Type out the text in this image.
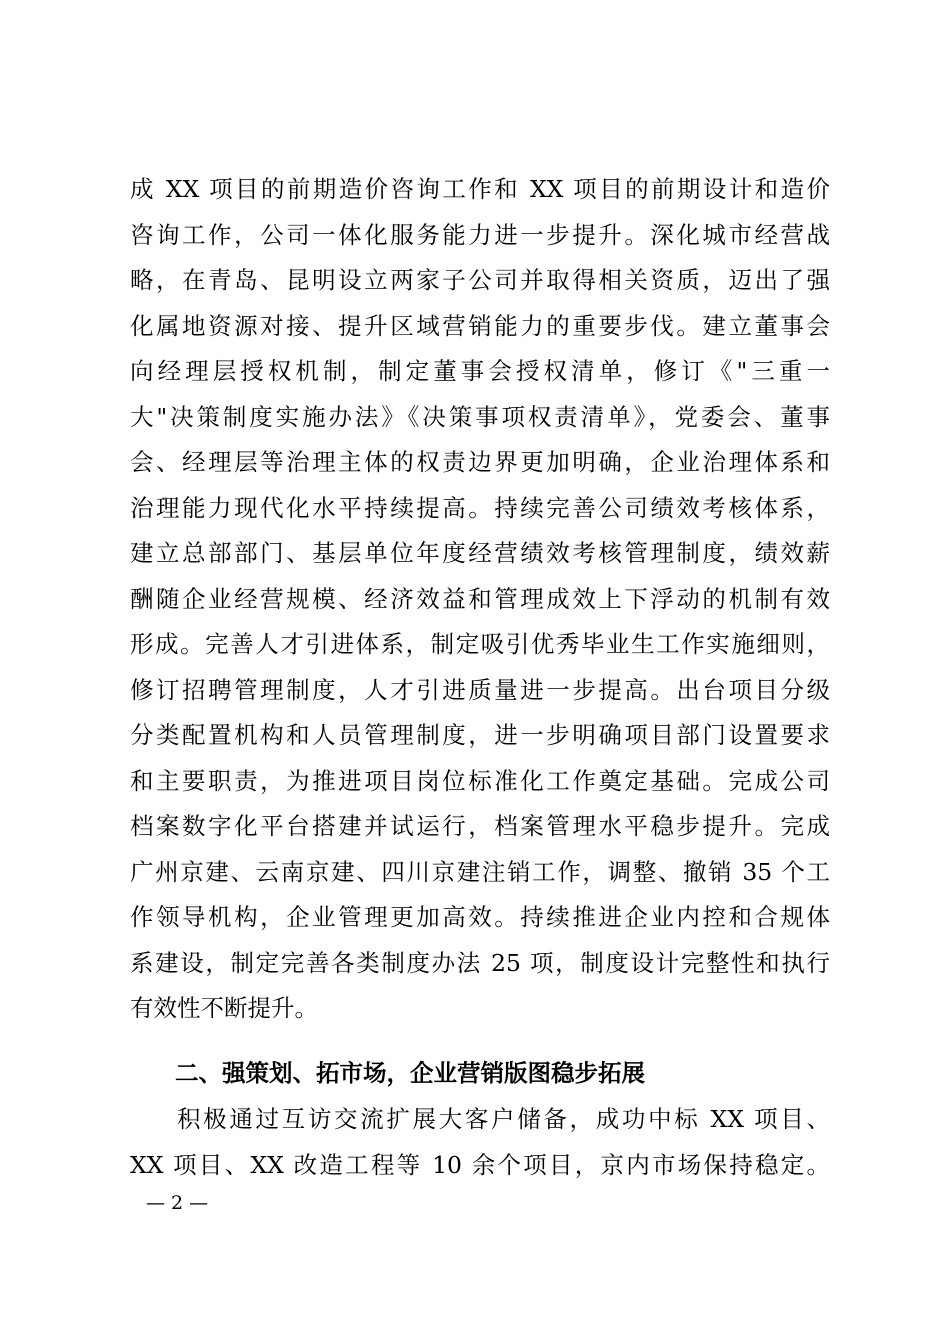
成 XX 项目的前期造价咨询工作和 XX 项目的前期设计和造价
咨询工作，公司一体化服务能力进一步提升。深化城市经营战
略，在青岛、昆明设立两家子公司并取得相关资质，迈出了强
化属地资源对接、提升区域营销能力的重要步伐。建立董事会
向经理层授权机制，制定董事会授权清单，修订《"三重一
大"决策制度实施办法》《决策事项权责清单》，党委会、董事
会、经理层等治理主体的权责边界更加明确，企业治理体系和
治理能力现代化水平持续提高。持续完善公司绩效考核体系，
建立总部部门、基层单位年度经营绩效考核管理制度，绩效薪
酬随企业经营规模、经济效益和管理成效上下浮动的机制有效
形成。完善人才引进体系，制定吸引优秀毕业生工作实施细则，
修订招聘管理制度，人才引进质量进一步提高。出台项目分级
分类配置机构和人员管理制度，进一步明确项目部门设置要求
和主要职责，为推进项目岗位标准化工作奠定基础。完成公司
档案数字化平台搭建并试运行，档案管理水平稳步提升。完成
广州京建、云南京建、四川京建注销工作，调整、撤销 35 个工
作领导机构，企业管理更加高效。持续推进企业内控和合规体
系建设，制定完善各类制度办法 25 项，制度设计完整性和执行
有效性不断提升。
二、强策划、拓市场，企业营销版图稳步拓展
积极通过互访交流扩展大客户储备，成功中标 XX 项目、
XX 项目、XX 改造工程等 10 余个项目，京内市场保持稳定。
— 2 —
